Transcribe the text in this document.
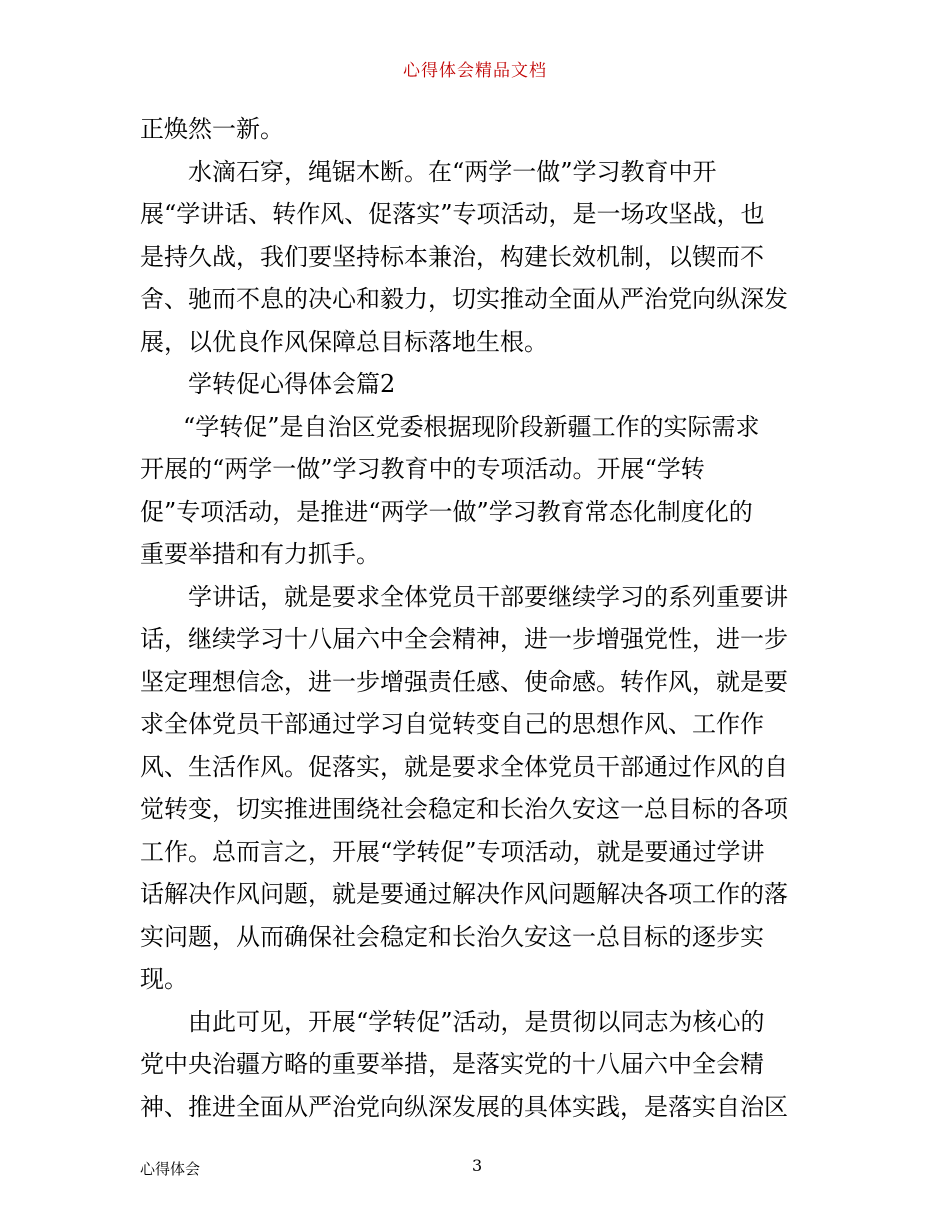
心得体会精品文档
正焕然一新。
水滴石穿，绳锯木断。在“两学一做”学习教育中开
展“学讲话、转作风、促落实”专项活动，是一场攻坚战，也
是持久战，我们要坚持标本兼治，构建长效机制，以锲而不
舍、驰而不息的决心和毅力，切实推动全面从严治党向纵深发
展，以优良作风保障总目标落地生根。
学转促心得体会篇2
“学转促”是自治区党委根据现阶段新疆工作的实际需求
开展的“两学一做”学习教育中的专项活动。开展“学转
促”专项活动，是推进“两学一做”学习教育常态化制度化的
重要举措和有力抓手。
学讲话，就是要求全体党员干部要继续学习的系列重要讲
话，继续学习十八届六中全会精神，进一步增强党性，进一步
坚定理想信念，进一步增强责任感、使命感。转作风，就是要
求全体党员干部通过学习自觉转变自己的思想作风、工作作
风、生活作风。促落实，就是要求全体党员干部通过作风的自
觉转变，切实推进围绕社会稳定和长治久安这一总目标的各项
工作。总而言之，开展“学转促”专项活动，就是要通过学讲
话解决作风问题，就是要通过解决作风问题解决各项工作的落
实问题，从而确保社会稳定和长治久安这一总目标的逐步实
现。
由此可见，开展“学转促”活动，是贯彻以同志为核心的
党中央治疆方略的重要举措，是落实党的十八届六中全会精
神、推进全面从严治党向纵深发展的具体实践，是落实自治区
心得体会	3
